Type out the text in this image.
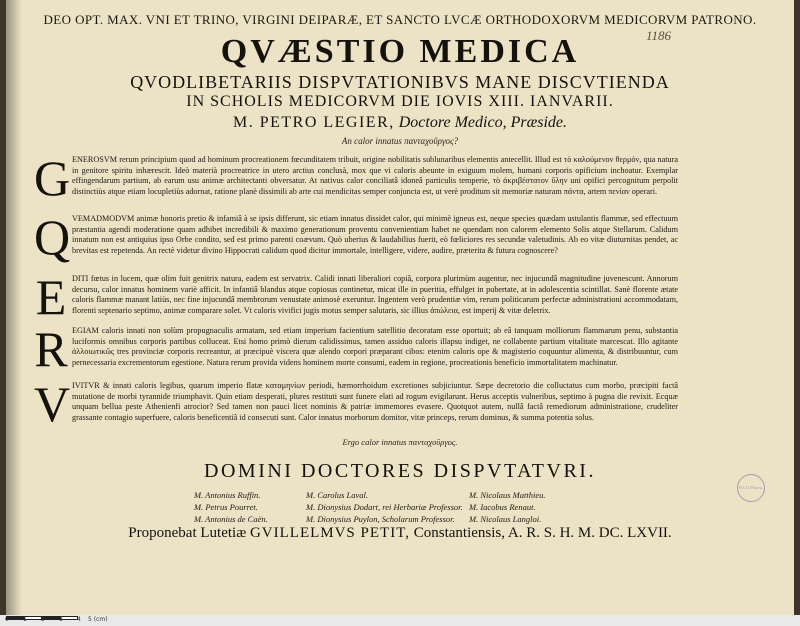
1186
DEO OPT. MAX. VNI ET TRINO, VIRGINI DEIPARÆ, ET SANCTO LVCÆ ORTHODOXORVM MEDICORVM PATRONO.
QVÆSTIO MEDICA
QVODLIBETARIIS DISPVTATIONIBVS MANE DISCVTIENDA
IN SCHOLIS MEDICORVM DIE IOVIS XIII. IANVARII.
M. PETRO LEGIER, Doctore Medico, Præside.
An calor innatus πανταχοῦργος?
G ENEROSVM rerum principium quod ad hominum procreationem fœcunditatem tribuit, origine nobilitatis sublunaribus elementis antecellit. Illud est τὸ καλούμενον θερμόν, qua natura in genitore spiritu inhærescit. Ideò materià procreatrice in utero arctius conclusà, mox que vi caloris abeunte in exiguum molem, humani corporis opificium inchoatur. Exemplar effingendarum partium, ab earum usu animæ architectanti obversatur. At nativus calor conciliatâ idoneâ particulis temperie, τὸ ἀκριβέστατον ὕλην uni opifici percognitum perpolit distinctiùs atque etiam locupletiùs adornat, ratione planè dissimili ab arte cui mendicitas semper conjuncta est, ut verè proditum sit memoriæ naturam πάντα, artem πενίαν operari.
Q VEMADMODVM animæ honoris pretio & infamiâ à se ipsis differunt, sic etiam innatus dissidet calor, qui minimè igneus est, neque species quædam ustulantis flammæ, sed effectuum præstantia agendi moderatione quam adhibet incredibili & maximo generationum proventu convenientiam habet ne quendam non calorem elemento Solis atque Stellarum. Calidum innatum non est antiquius ipso Orbe condito, sed est primo parenti coævum. Quò uberius & laudabilius fuerit, eò fœliciores res secundæ valetudinis. Ab eo vitæ diuturnitas pendet, ac brevitas est repetenda. An rectè videtur divino Hippocrati calidum quod dicitur immortale, intelligere, videre, audire, præterita & futura cognoscere?
E DITI fœtus in lucem, quæ olim fuit genitrix natura, eadem est servatrix. Calidi innati liberaliori copiâ, corpora plurimùm augentur, nec injucundâ magnitudine juvenescunt. Annorum decursu, calor innatus hominem variè afficit. In infantiâ blandus atque copiosus continetur, micat ille in pueritia, effulget in pubertate, at in adolescentia scintillat. Sanè florente ætate caloris flammæ manant latiùs, nec fine injucundâ membrorum venustate animosè exeruntur. Ingentem verò prudentiæ vim, rerum politicarum perfectæ administrationi accommodatam, florenti septenario septimo, animæ comparare solet. Vt caloris vivifici jugis motus semper salutaris, sic illius ἀπώλεια, est imperij & vitæ deletrix.
R EGIAM caloris innati non solùm propugnaculis armatam, sed etiam imperium facientium satellitio decoratam esse oportuit; ab eâ tanquam molliorum flammarum penu, substantia luciformis omnibus corporis partibus colluceat. Etsi homo primò dierum calidissimus, tamen assiduo caloris illapsu indiget, ne collabente partium vitalitate marcescat. Illo agitante ἀλλοιωτικῶς tres provinciæ corporis recreantur, at præcipuè viscera quæ alendo corpori præparant cibos: etenim caloris ope & magisterio coquuntur alimenta, & distribuuntur, cum pernecessaria excrementorum egestione. Natura rerum provida videns hominem morte consumi, eadem in regione, procreationis beneficio immortalitatem machinatur.
V IVITVR & innati caloris legibus, quarum imperio flatæ καταμηνίων periodi, hæmorrhoidum excretiones subjiciuntur. Sæpe decretorio die colluctatus cum morbo, præcipiti factâ mutatione de morbi tyrannide triumphavit. Quin etiam desperati, plures restituti sunt funere elati ad rogum evigilarunt. Herus acceptis vulneribus, septimo à pugna die revixit. Ecquæ unquam bellua peste Athenienfi atrocior? Sed tamen non pauci licet nominis & patriæ immemores evasere. Quotquot autem, nullâ factâ remediorum administratione, crudeliter grassante contagio superfuere, caloris beneficentiâ id consecuti sunt. Calor innatus morborum domitor, vitæ princeps, rerum dominus, & summa potentia solus.
Ergo calor innatus πανταχοῦργος.
DOMINI DOCTORES DISPVTATVRI.
M. Antonius Ruffin.
M. Petrus Pourret.
M. Antonius de Caën.
M. Carolus Laval.
M. Dionysius Dodart, rei Herbariæ Professor.
M. Dionysius Puylon, Scholarum Professor.
M. Nicolaus Matthieu.
M. Iacobus Renaut.
M. Nicolaus Langloi.
B.I.U.Pharm.
Proponebat Lutetiæ GVILLELMVS PETIT, Constantiensis, A. R. S. H. M. DC. LXVII.
0 1 2 3 4 5 (cm)
